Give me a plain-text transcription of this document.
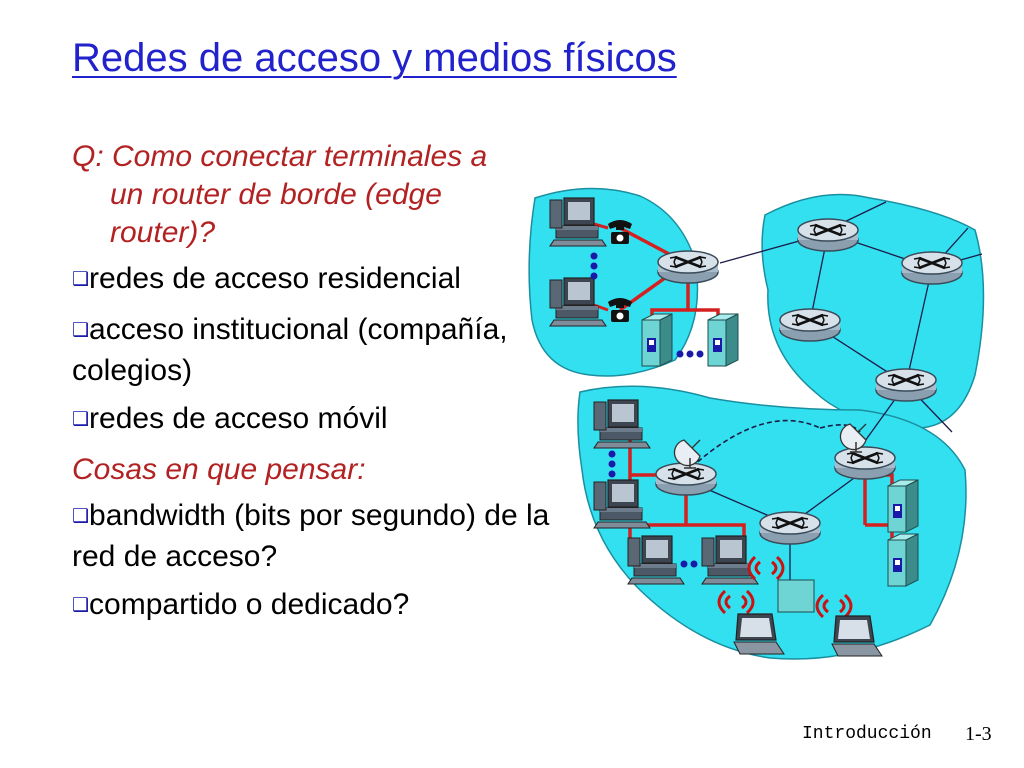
Redes de acceso y medios físicos
Q: Como conectar terminales a
un router de borde (edge
router)?
❑redes de acceso residencial
❑acceso institucional (compañía, colegios)
❑redes de acceso móvil
Cosas en que pensar:
❑bandwidth (bits por segundo) de la red de acceso?
❑compartido o dedicado?
Introducción 1-3
